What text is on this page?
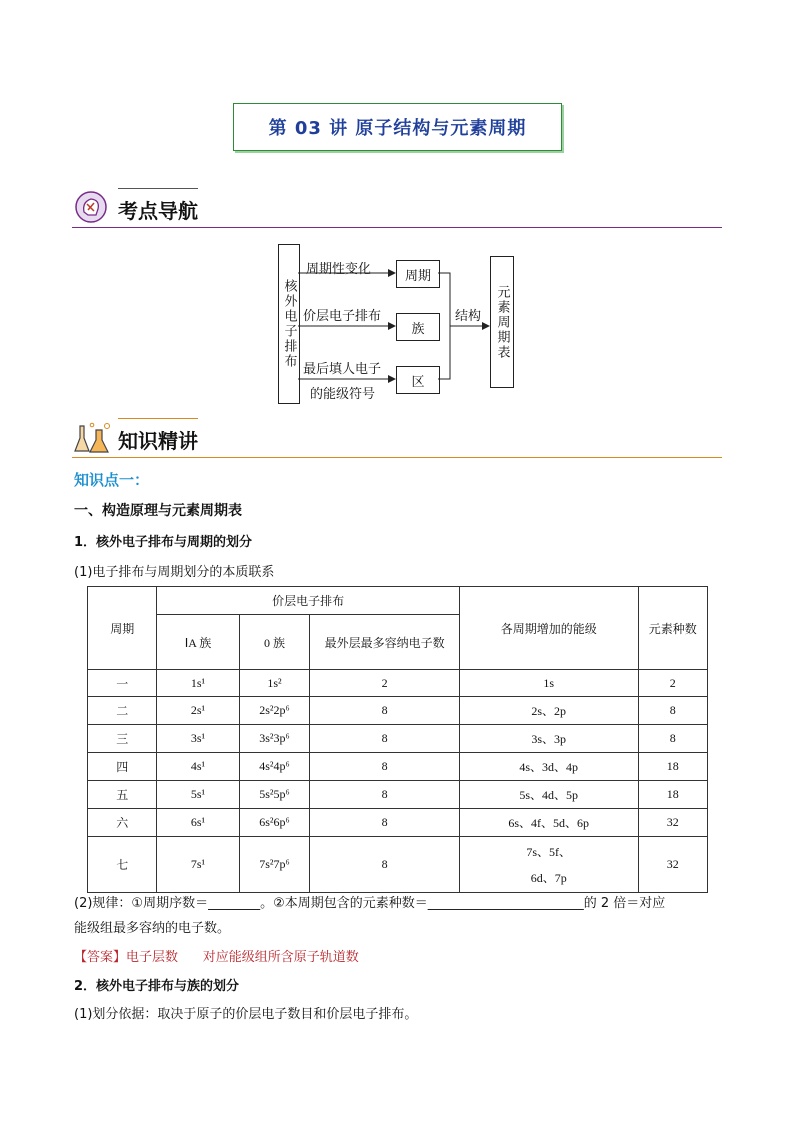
第 03 讲 原子结构与元素周期
考点导航
核外电子排布
周期
族
区
元素周期表
周期性变化
价层电子排布
最后填人电子
的能级符号
结构
知识精讲
知识点一：
一、构造原理与元素周期表
1．核外电子排布与周期的划分
(1)电子排布与周期划分的本质联系
周期	价层电子排布			各周期增加的能级	元素种数
	ⅠA 族	0 族	最外层最多容纳电子数		
一	1s¹	1s²	2	1s	2
二	2s¹	2s²2p⁶	8	2s、2p	8
三	3s¹	3s²3p⁶	8	3s、3p	8
四	4s¹	4s²4p⁶	8	4s、3d、4p	18
五	5s¹	5s²5p⁶	8	5s、4d、5p	18
六	6s¹	6s²6p⁶	8	6s、4f、5d、6p	32
七	7s¹	7s²7p⁶	8	7s、5f、
6d、7p	32
(2)规律：①周期序数＝________。②本周期包含的元素种数＝________________________的 2 倍＝对应
能级组最多容纳的电子数。
【答案】电子层数      对应能级组所含原子轨道数
2．核外电子排布与族的划分
(1)划分依据：取决于原子的价层电子数目和价层电子排布。
